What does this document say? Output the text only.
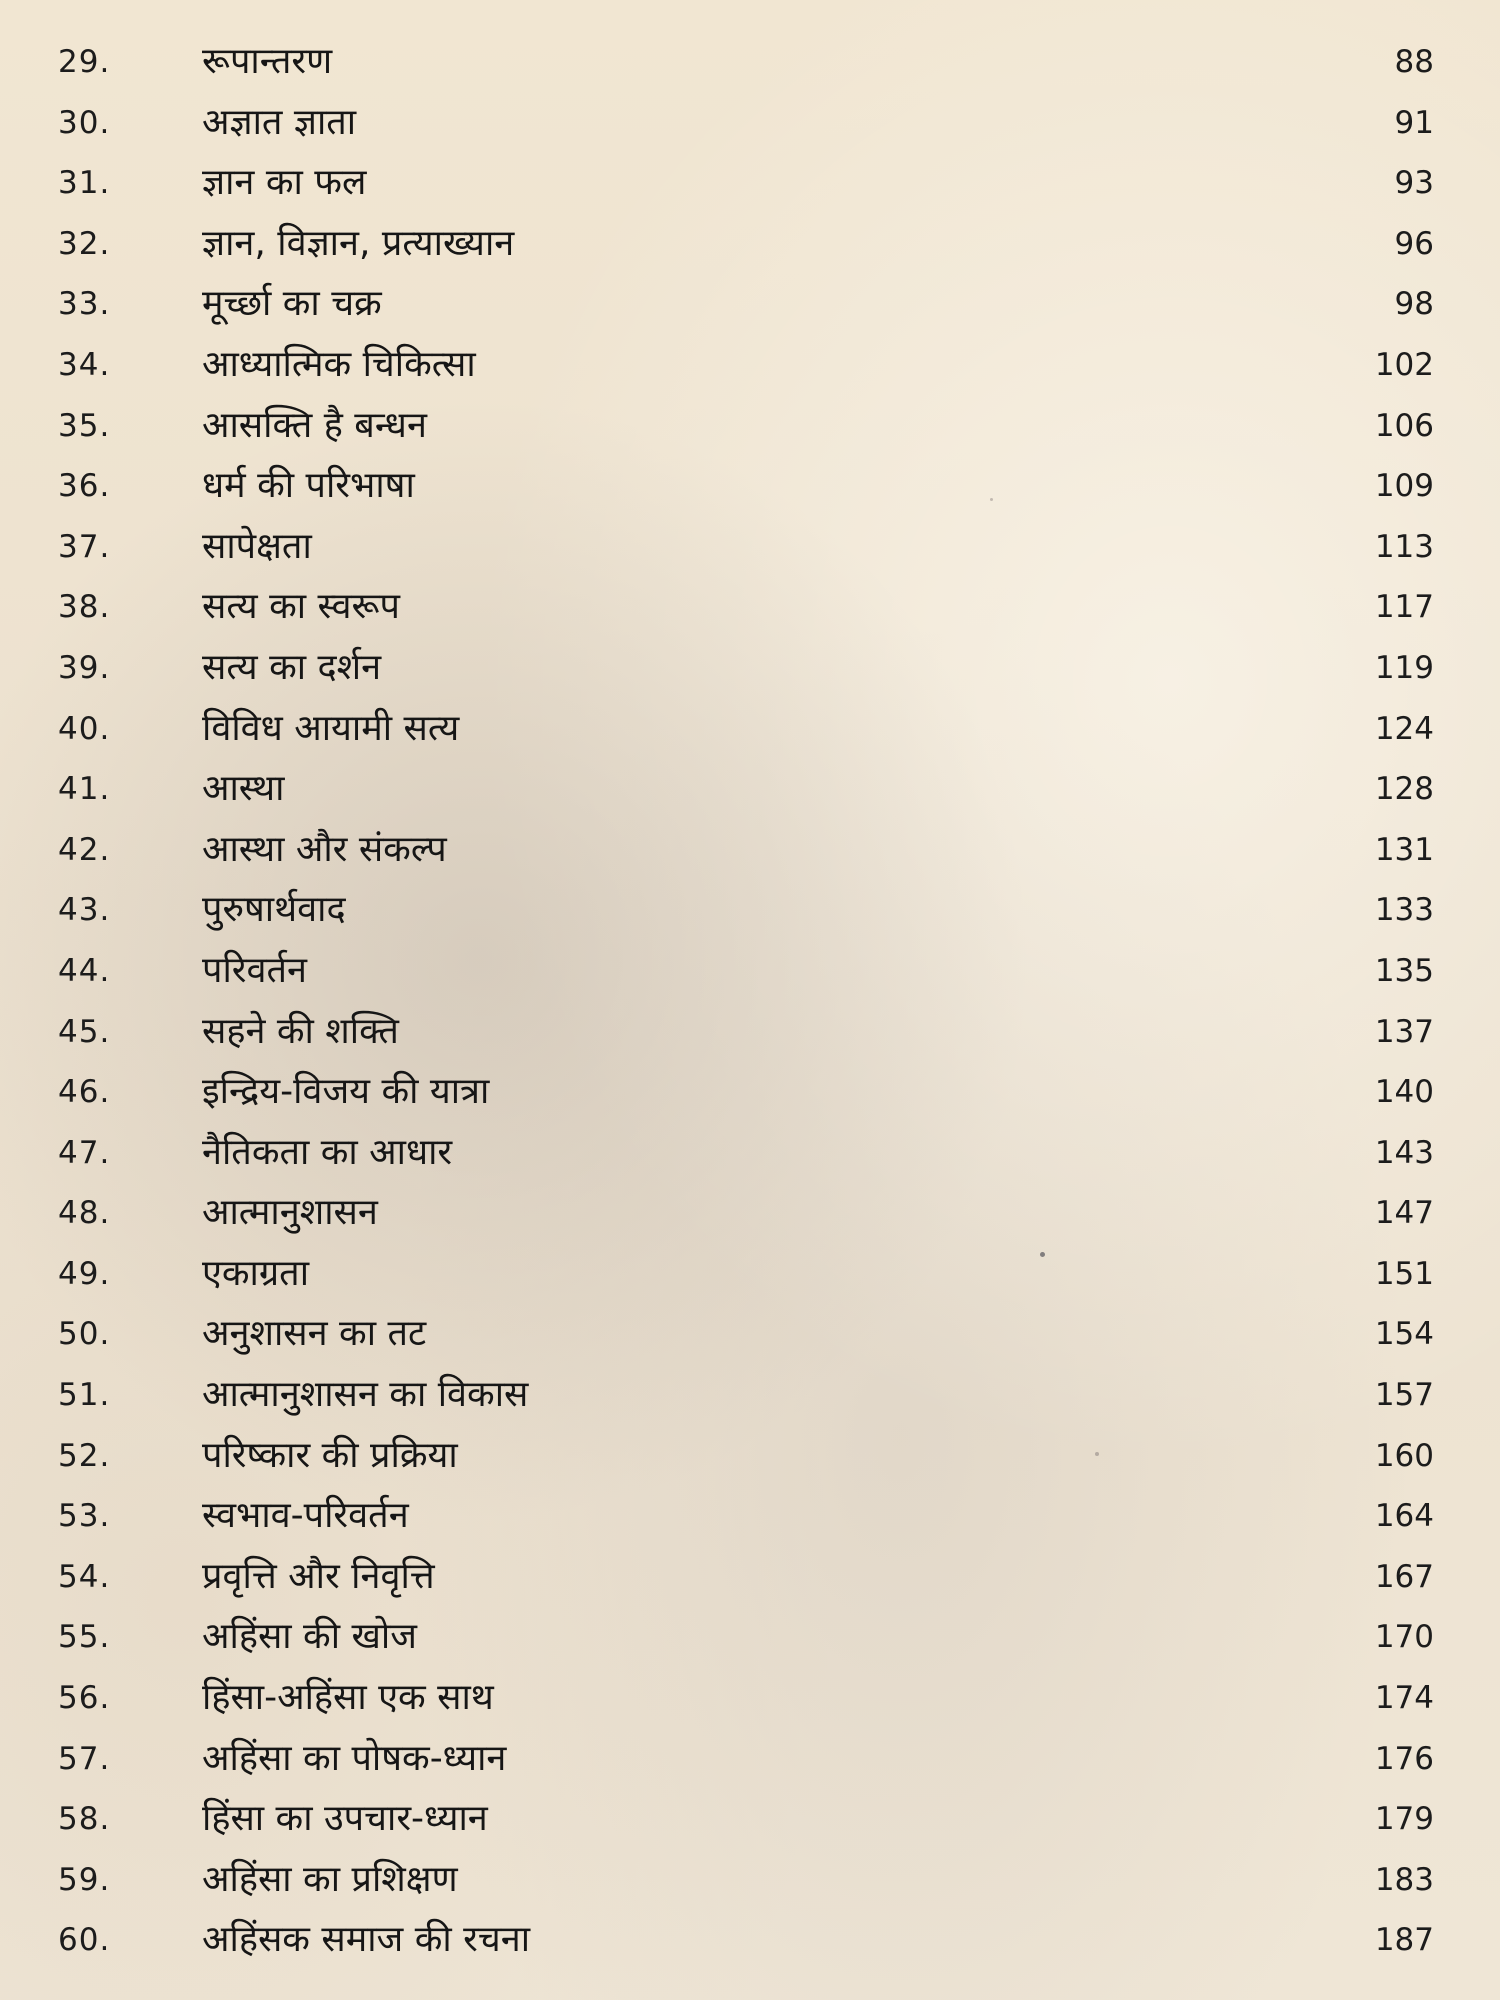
29.	रूपान्तरण	88
30.	अज्ञात ज्ञाता	91
31.	ज्ञान का फल	93
32.	ज्ञान, विज्ञान, प्रत्याख्यान	96
33.	मूर्च्छा का चक्र	98
34.	आध्यात्मिक चिकित्सा	102
35.	आसक्ति है बन्धन	106
36.	धर्म की परिभाषा	109
37.	सापेक्षता	113
38.	सत्य का स्वरूप	117
39.	सत्य का दर्शन	119
40.	विविध आयामी सत्य	124
41.	आस्था	128
42.	आस्था और संकल्प	131
43.	पुरुषार्थवाद	133
44.	परिवर्तन	135
45.	सहने की शक्ति	137
46.	इन्द्रिय-विजय की यात्रा	140
47.	नैतिकता का आधार	143
48.	आत्मानुशासन	147
49.	एकाग्रता	151
50.	अनुशासन का तट	154
51.	आत्मानुशासन का विकास	157
52.	परिष्कार की प्रक्रिया	160
53.	स्वभाव-परिवर्तन	164
54.	प्रवृत्ति और निवृत्ति	167
55.	अहिंसा की खोज	170
56.	हिंसा-अहिंसा एक साथ	174
57.	अहिंसा का पोषक-ध्यान	176
58.	हिंसा का उपचार-ध्यान	179
59.	अहिंसा का प्रशिक्षण	183
60.	अहिंसक समाज की रचना	187
